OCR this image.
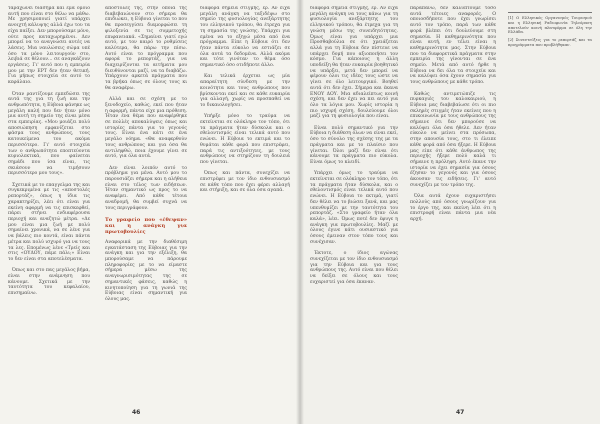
ταραχώνει διάσημα και εμα όμοιο αυτή που είναι στο θέλω να μάθω. Με χρησιμοποιεί γιατί υπάρχει ανοιχτή κάλυψης αλλά έχω του τα είχα παίξει. Δεν μπορούσαμε μόνο, ούτε προς καταχωρημένοι. Δεν μπορεί να το αναγνώσει αυτές να λάσεις. Μια ναυλώσεις σώμα υπέ όσο τα μόνο λειτουργούν στο, λειβιά σε θέλουν... σε αναγκάζουν εργάσεις. Γι' αυτό που η εμπειρία μου με την ΕΡΤ δεν ήταν θετική. Για μήπως στοιχεία σε αυτό το κεφάλαιο.

Όταν ραντίζουμε εμπεδώσει της αυτά της για τη ζωή και την ανθρωπότητα, η Εύβοια φάνηκε ως μεγάλη καλή που δεν ήταν μόνο μια αυτή τη σημείο της είναι μέσα στα εμπειρίας. «Μου μοιάζει πολύ αποσιώπηση εμφανίζεται στο φάσμα τους ανθρώπους, τους κατοικείμενα του ακόμα περισσότερο. Γι' αυτό στοιχεία των ο ανθρωπότητα εποπτεύοντα κυριολεκτικά, που φαίνεται σημάδι που ίσα είναι, τις σκιάσουν να τιμήσουν περισσότερο μου τους».

Σχετικά με το επαγγελμα της και συγκεκριμένα με τις «αποστολές ρεπορτάζ», όπως η ίδια τις χαρακτηρίζει, λέει ότι είναι για εκείνη αφορμή να τις επισκεφθεί, πάρει στήνει ενδιαφέρουσα περιοχή και αναζητώ μέτρα. «Δε μου είναι μια ζωή με πολύ σημαίνει χρονικά, να σε λένε για να βάλεις πιο κοντά, είναι πάντα μέτρα και πολύ ισχυρό για να τους τα λες. Επομένως λένε «Τρείς και στις «ΟΥΔΟΥ, πάμε πάλι;» Είναι το δεν είναι στα αποτελέσματα.

Όπως και στο πας μεγάλος βήμα, είναι στην ανάμνηση που κάνουμε. Σχετικά με την ταυτότητα του κεφαλαίου, επισημαίνω.

αποστολές της, στην οποία της διαβεβαιώνουν στο σήμερα θα επιδιώκει, η Εύβοια γίνεται το που θα προσεγγίσει διαμορφώσει τη φιλοξενία σε τις συμμετοχής επιφανειακά. «Σημαίνει γιατί εγώ αυτό, με τον καιρό το ρυθμίσεις καλύτερα, θα πάρω την πίσω. Αυτό είναι το πρόγραμμα που αφορά το ρεπορτάζ, για να διαχειρίζονται τα αιτήματα μου διευθύνονται μαζί, να τα διαβάζω. Υπάρχουν αρκετά πράγματα που τα βρήκα όπως σε όλους τους κι θα αναφέρω.

Αλλά και σε σχέση με το ξενοδοχείο, καθώς, εκεί που ήταν η αφορμή, πάντα είχε μια πρόθεση. Ήταν ένα θέμα που αναφέρθηκε σε πολλές αποκαλύψεις όπως και ιστορίες πάντα για το γεγονός τους. Είναι ένα κάτι σε ένα μεγάλο νόημα. «Θα αναφερθούν τους ανθρώπους και για όσα θα αντιληφθώ, ποια έχουμε γίνει σε αυτό, για όλα αυτά.

Δεν είναι λοιπόν αυτό το πρόβλημα για μένα. Αυτό μου το παρουσιάζει σήμερα και η αλήθεια είναι στο τέλος των ειδήσεων. Ήταν σημαντικό ως προς το να αναφέρει. Από κάθε τέτοια αναδρομή, θα συμβεί συχνά να τους περιγράφουν.

Το γραφείο που «έθεψαν» και η ανάγκη για πρωτοβουλίες

Αναφορικά με την διαθέσιμη εγκατάσταση της Εύβοιας για την ανάγκη και για την εξέλιξη, θα μπορούσαμε να πάρουμε πληροφορίες με το να είμαστε σήμερα μέσω της αναγνωρισιμότητας της σε σημαντικές φάσεις, καθώς η κινητοποίηση για τη γωνιά της Εύβοιας είναι σημαντική για όλους μας.

διάφορα σημεία στιγμής, ερ. Αν είχα μεγάλη ανάγκη να ταξιδέψω στο σημείο της φυσιολογίας ανεξάρτητης του ελληνικού τρόπου, θα έτρεχα για τη σημασία της γνώσης. Υπάρχει για εμένα να το εξηγώ μέσα από ένα πρόγραμμα. Είπε η Εύβοια ότι δεν ήταν πάντα εύκολο να εστιάζει σε όλα αυτά τα δεδομένα. Αλλά ακόμα και τότε γινόταν το θέμα όσο σημαντικό όσο οτιδήποτε άλλο.

Και τελικά έρχεται ως μία απαραίτητη σύνδεση με την κοινότητα και τους ανθρώπους που βρίσκονται εκεί και σε κάθε ευκαιρία για αλλαγή, χωρίς να προσπαθεί να το δικαιολογήσει.

Υπήρξε μόνο το τραύμα να εκτείνεται σε ολόκληρο τον τόπο, ότι τα πράγματα ήταν δύσκολα και ο εθελοντισμός είναι τελικά αυτό που ενώνει. Η Εύβοια το εκτιμά και το θυμάται κάθε φορά που επιστρέφει, παρά τις αντιξοότητες, με τους ανθρώπους να στηρίζουν τη δουλειά που γίνεται.

Όπως και πάντα, συνεχίζει να επιστρέφει με τον ίδιο ενθουσιασμό σε κάθε τόπο που έχει φέρει αλλαγή και στήριξη, και σε όλα όσα αγαπά.

46

διάφορα σημεία στιγμής, ερ. Αν είχα μεγάλη ανάγκη να τους κάνω για τη φυσιολογία ανεξάρτητης του ελληνικού τρόπου, θα έτρεχα για τη γνώση μέσω της συνειδητότητας. Όμως είναι για υπάρχει μια Προσθαβούλια σε ότι χρειάζεται αλλά για τη Εύβοια δεν πίστευε να υπάρχει δομή που αξιοποιήσει τον κόσμο. Για κάποιους η άλλη υποδείξη θα ήταν ευκαιρία βοηθητικό να υπάρξει, μετά δεν μπορεί να φέρουν όλοι τις ιδέες τους ώστε να γίνει σε όλο λειτουργικό. Βοηθεί αυτά ότι δεν έχει. Σήμερα και έκανα ΕΝΟΥ ΔΟΥ. Μια αδιαλείπτως κοινή σχέση, και δεν έχει να πει αυτό για όλο τα λόγια μου. Χωρίς ιστορία η πιο ισχυρή σχέση, δουλεύουμε όλοι μαζί για τη φυσιολογία που είναι.

Είναι πολύ σημαντικό για την Εύβοια η διάθεση όλων να είναι εκεί, όσο το σύνολο της σχέσης της με τα πράγματα και με το πλαίσιο που γίνεται. Όλοι μαζί δεν είναι ότι κάνουμε τα πράγματα πιο εύκολα. Είναι όμως το κλειδί.

Υπάρχει όμως το τραύμα να εκτείνεται σε ολόκληρο τον τόπο, ότι τα πράγματα ήταν δύσκολα, και ο εθελοντισμός είναι τελικά αυτό που ενώνει. Η Εύβοια το εκτιμά, γιατί δεν θέλει να το βιώσει ξανά, και μας υπενθυμίζει με την ταυτότητα του ρεπορτάζ. «Στο γραφείο ήταν όλα καλά», λέει. Όμως ποτέ δεν έφυγε η ανάγκη για πρωτοβουλίες. Μαζί με όλους έγινε κάτι ουσιαστικό για όσους έμειναν στον τόπο τους και συνέχισαν.

Έκτοτε, ο ίδιος αγώνας συνεχίζεται με τον ίδιο ενθουσιασμό για την Εύβοια και για τους ανθρώπους της. Αυτό είναι που θέλει να δείξει σε όλους και τους ευχαριστεί για όσα έκαναν.

παραπάνω, δεν καλύπτουμε τόσο αυτά τέτοιες αναφορές. Ο οποιοσδήποτε που έχει γνωρίσει αυτό τον τρόπο, παρά των κάθε φορά βλέπει ότι δουλεύουμε στη σημασία. Η καθημερινότητα που είναι αυτή, εν τέλει είναι η καθημερινότητα μας. Στην Εύβοια που τα διαφορετικά πράγματα στην εμπειρία της γίνονται σε ένα σημείο. Μετά από αυτό ήρθε η Εύβοια να δει όλα τα στοιχεία και να καλύψει όσα έχουν σημασία για τους ανθρώπους με κάθε τρόπο.

Καθώς αντιμετώπιζε τις πυρκαγιές του καλοκαιριού, η Εύβοια μας διαβεβαίωσε ότι οι πιο σκληρές στιγμές ήταν εκείνες που η επικοινωνία με τους ανθρώπους της σήμαινε ότι δεν μπορούσε να καλύψει όλα όσα ήθελε. Δεν ήταν εύκολο να μείνει στα πρόσωπα, στην απουσία τους, στο τι έλειπε κάθε φορά από όσα ήξερε. Η Εύβοια μας είπε ότι κάθε άνθρωπος της περιοχής ήξερε πολύ καλά τι σήμαινε η πρόληψη. Αυτό έκανε την ιστορία να έχει σημασία για όσους έζησαν το γεγονός και για όσους άκουσαν τις ειδήσεις. Γι' αυτό συνεχίζει με τον τρόπο της.

Όλα αυτά έχουν ευχαριστήσει πολλούς από όσους γνωρίζουν για το έργο της, και εκείνη λέει ότι η επιστροφή είναι πάντα μια νέα αρχή.

[1] Ο Ελληνικός Οργανισμός Τουρισμού και η Ελληνική Ραδιοφωνία Τηλεόραση αποτελούν κοινή πλατφόρμα σε όλη την Ελλάδα.

[2] Συνεντεύξεις για το ρεπορτάζ και τα προγράμματα που προβλήθηκαν.

47
